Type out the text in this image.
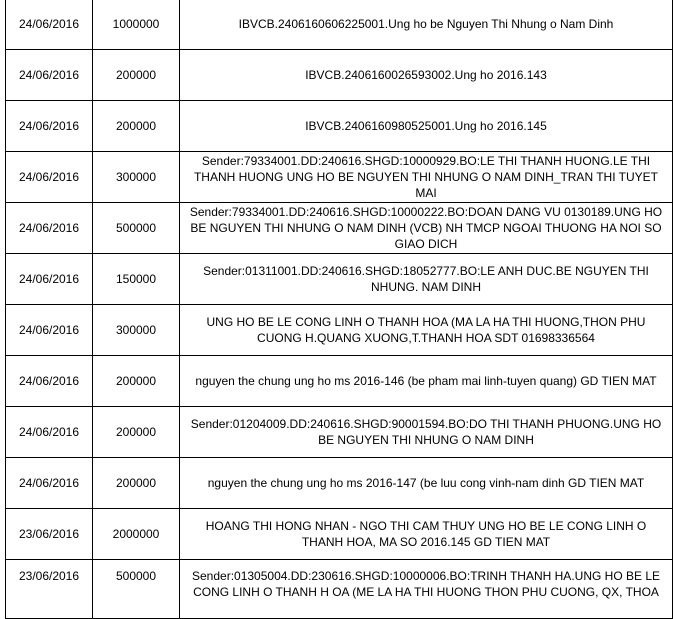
24/06/2016	1000000	IBVCB.2406160606225001.Ung ho be Nguyen Thi Nhung o Nam Dinh
24/06/2016	200000	IBVCB.2406160026593002.Ung ho 2016.143
24/06/2016	200000	IBVCB.2406160980525001.Ung ho 2016.145
24/06/2016	300000	Sender:79334001.DD:240616.SHGD:10000929.BO:LE THI THANH HUONG.LE THI THANH HUONG UNG HO BE NGUYEN THI NHUNG O NAM DINH_TRAN THI TUYET MAI
24/06/2016	500000	Sender:79334001.DD:240616.SHGD:10000222.BO:DOAN DANG VU 0130189.UNG HO BE NGUYEN THI NHUNG O NAM DINH (VCB) NH TMCP NGOAI THUONG HA NOI SO GIAO DICH
24/06/2016	150000	Sender:01311001.DD:240616.SHGD:18052777.BO:LE ANH DUC.BE NGUYEN THI NHUNG. NAM DINH
24/06/2016	300000	UNG HO BE LE CONG LINH O THANH HOA (MA LA HA THI HUONG,THON PHU CUONG H.QUANG XUONG,T.THANH HOA SDT 01698336564
24/06/2016	200000	nguyen the chung ung ho ms 2016-146 (be pham mai linh-tuyen quang) GD TIEN MAT
24/06/2016	200000	Sender:01204009.DD:240616.SHGD:90001594.BO:DO THI THANH PHUONG.UNG HO BE NGUYEN THI NHUNG O NAM DINH
24/06/2016	200000	nguyen the chung ung ho ms 2016-147 (be luu cong vinh-nam dinh GD TIEN MAT
23/06/2016	2000000	HOANG THI HONG NHAN - NGO THI CAM THUY UNG HO BE LE CONG LINH O THANH HOA, MA SO 2016.145 GD TIEN MAT
23/06/2016	500000	Sender:01305004.DD:230616.SHGD:10000006.BO:TRINH THANH HA.UNG HO BE LE CONG LINH O THANH H OA (ME LA HA THI HUONG THON PHU CUONG, QX, THOA
